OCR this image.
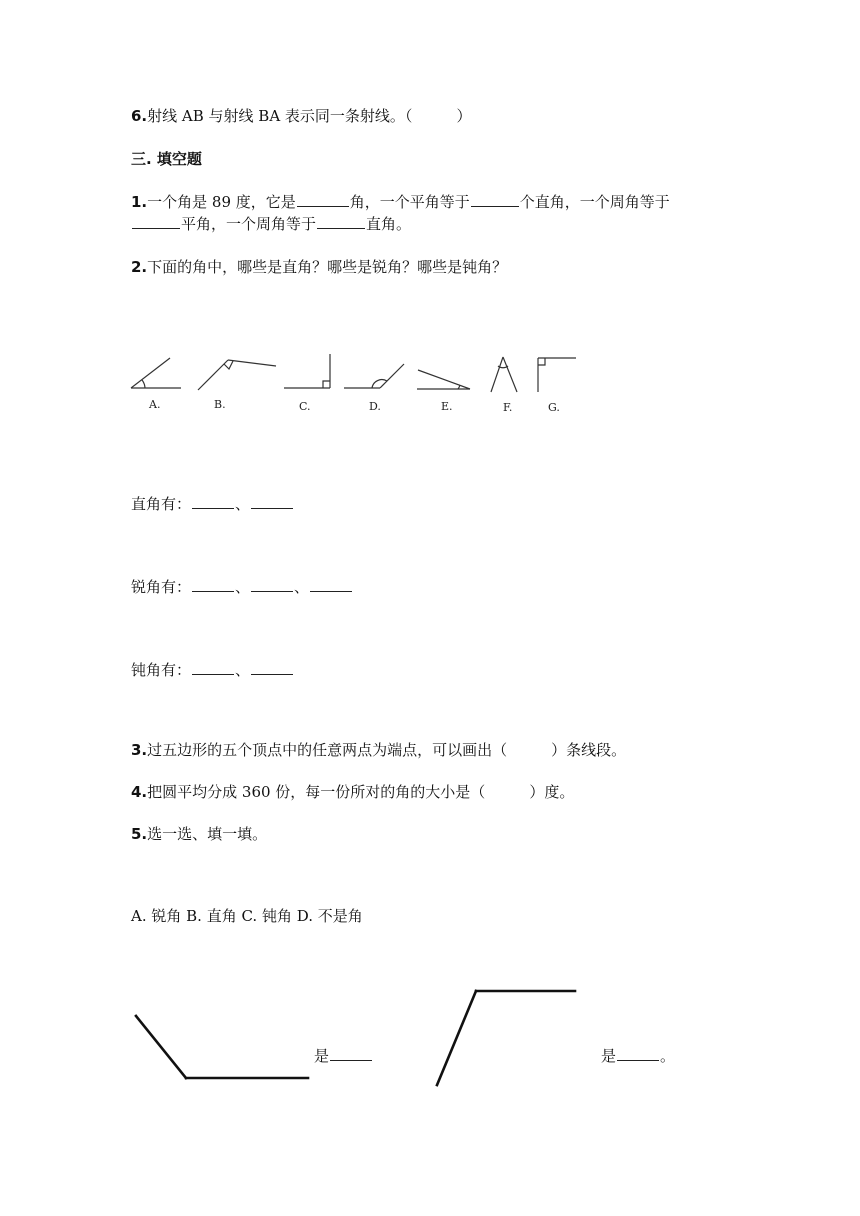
6.射线 AB 与射线 BA 表示同一条射线。（	）
三. 填空题
1.一个角是 89 度，它是	角，一个平角等于	个直角，一个周角等于
平角，一个周角等于	直角。
2.下面的角中，哪些是直角？哪些是锐角？哪些是钝角？
A.	B.	C.	D.	E.	F.	G.
直角有：	、
锐角有：	、	、
钝角有：	、
3.过五边形的五个顶点中的任意两点为端点，可以画出（	）条线段。
4.把圆平均分成 360 份，每一份所对的角的大小是（	）度。
5.选一选、填一填。
A. 锐角 B. 直角 C. 钝角 D. 不是角
是	是	。
